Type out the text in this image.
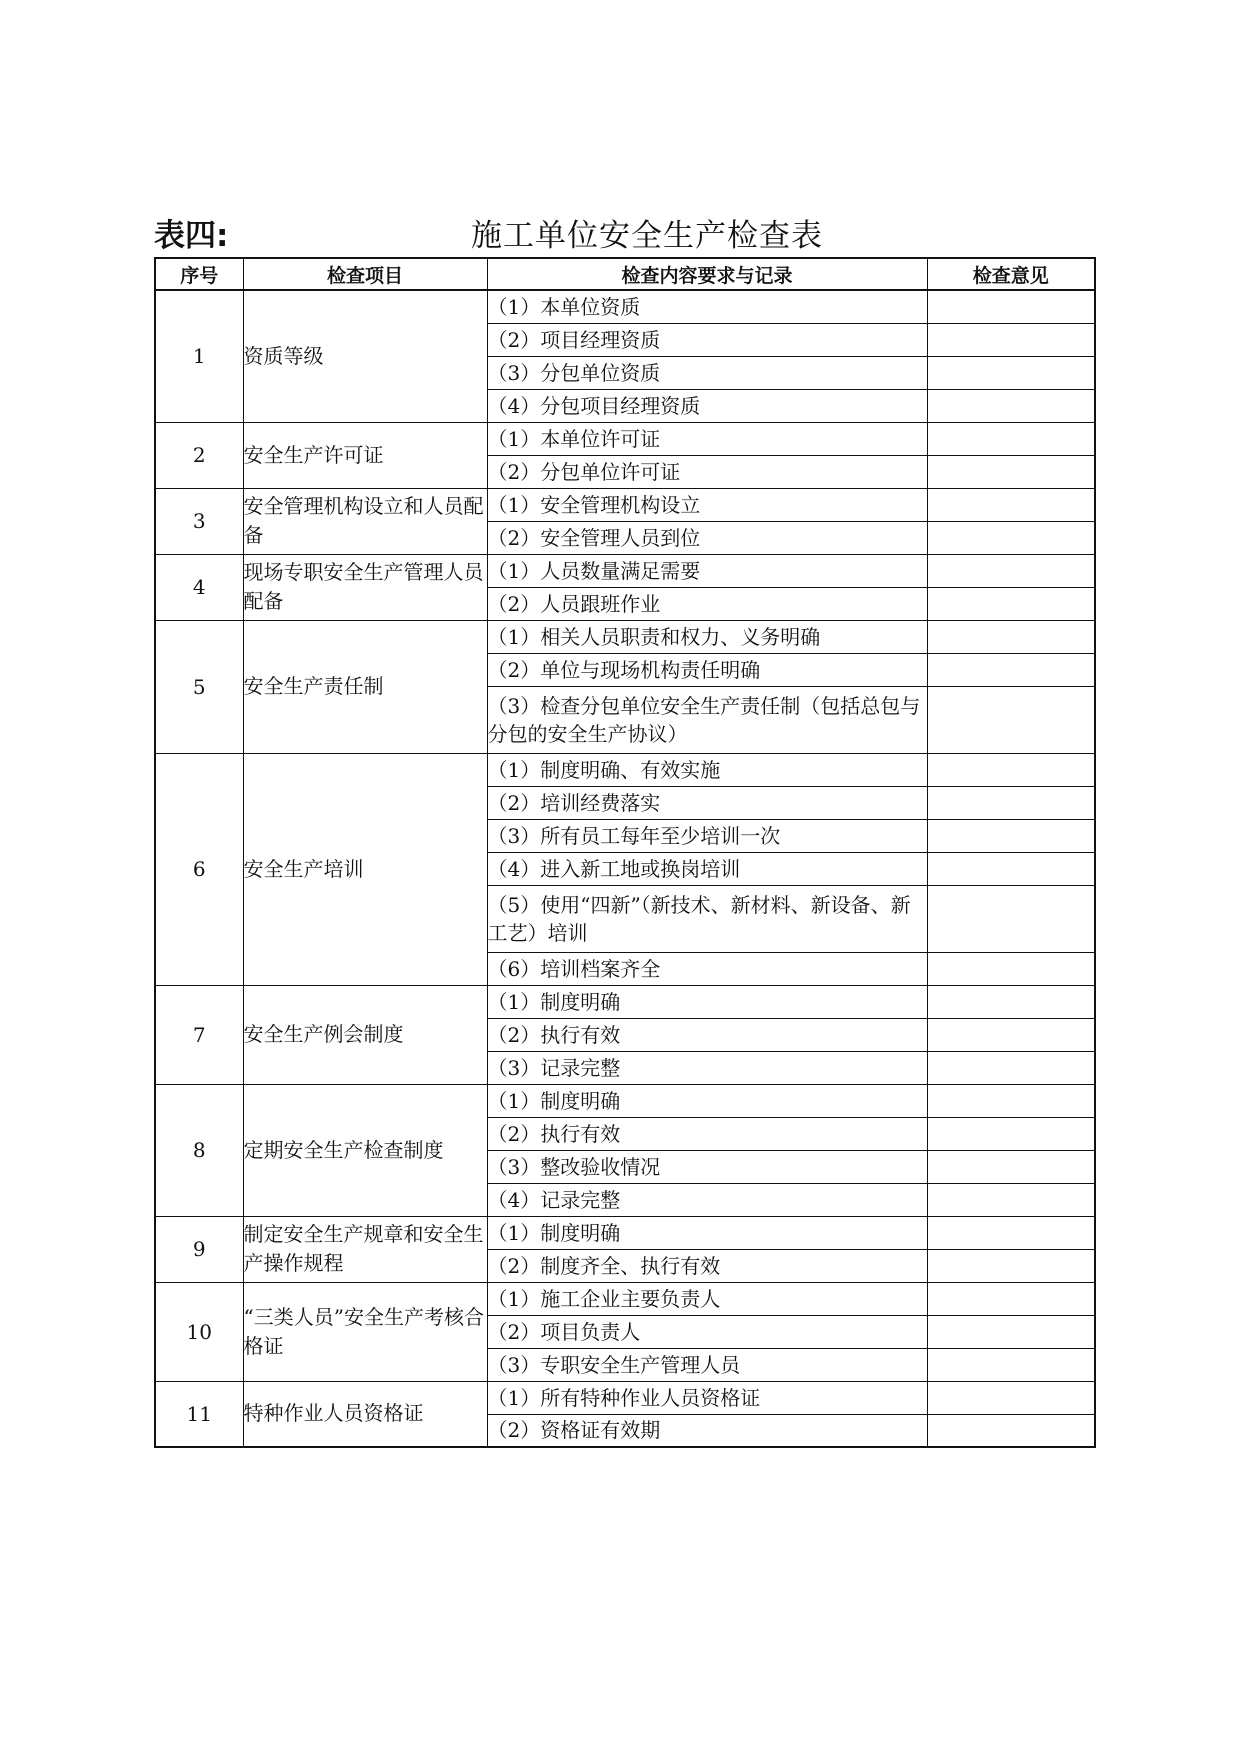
表四:	施工单位安全生产检查表
序号	检查项目	检查内容要求与记录	检查意见
1	资质等级	（1）本单位资质	
		（2）项目经理资质	
		（3）分包单位资质	
		（4）分包项目经理资质	
2	安全生产许可证	（1）本单位许可证	
		（2）分包单位许可证	
3	安全管理机构设立和人员配备	（1）安全管理机构设立	
		（2）安全管理人员到位	
4	现场专职安全生产管理人员配备	（1）人员数量满足需要	
		（2）人员跟班作业	
5	安全生产责任制	（1）相关人员职责和权力、义务明确	
		（2）单位与现场机构责任明确	
		（3）检查分包单位安全生产责任制（包括总包与分包的安全生产协议）	
6	安全生产培训	（1）制度明确、有效实施	
		（2）培训经费落实	
		（3）所有员工每年至少培训一次	
		（4）进入新工地或换岗培训	
		（5）使用“四新”（新技术、新材料、新设备、新工艺）培训	
		（6）培训档案齐全	
7	安全生产例会制度	（1）制度明确	
		（2）执行有效	
		（3）记录完整	
8	定期安全生产检查制度	（1）制度明确	
		（2）执行有效	
		（3）整改验收情况	
		（4）记录完整	
9	制定安全生产规章和安全生产操作规程	（1）制度明确	
		（2）制度齐全、执行有效	
10	“三类人员”安全生产考核合格证	（1）施工企业主要负责人	
		（2）项目负责人	
		（3）专职安全生产管理人员	
11	特种作业人员资格证	（1）所有特种作业人员资格证	
		（2）资格证有效期	
